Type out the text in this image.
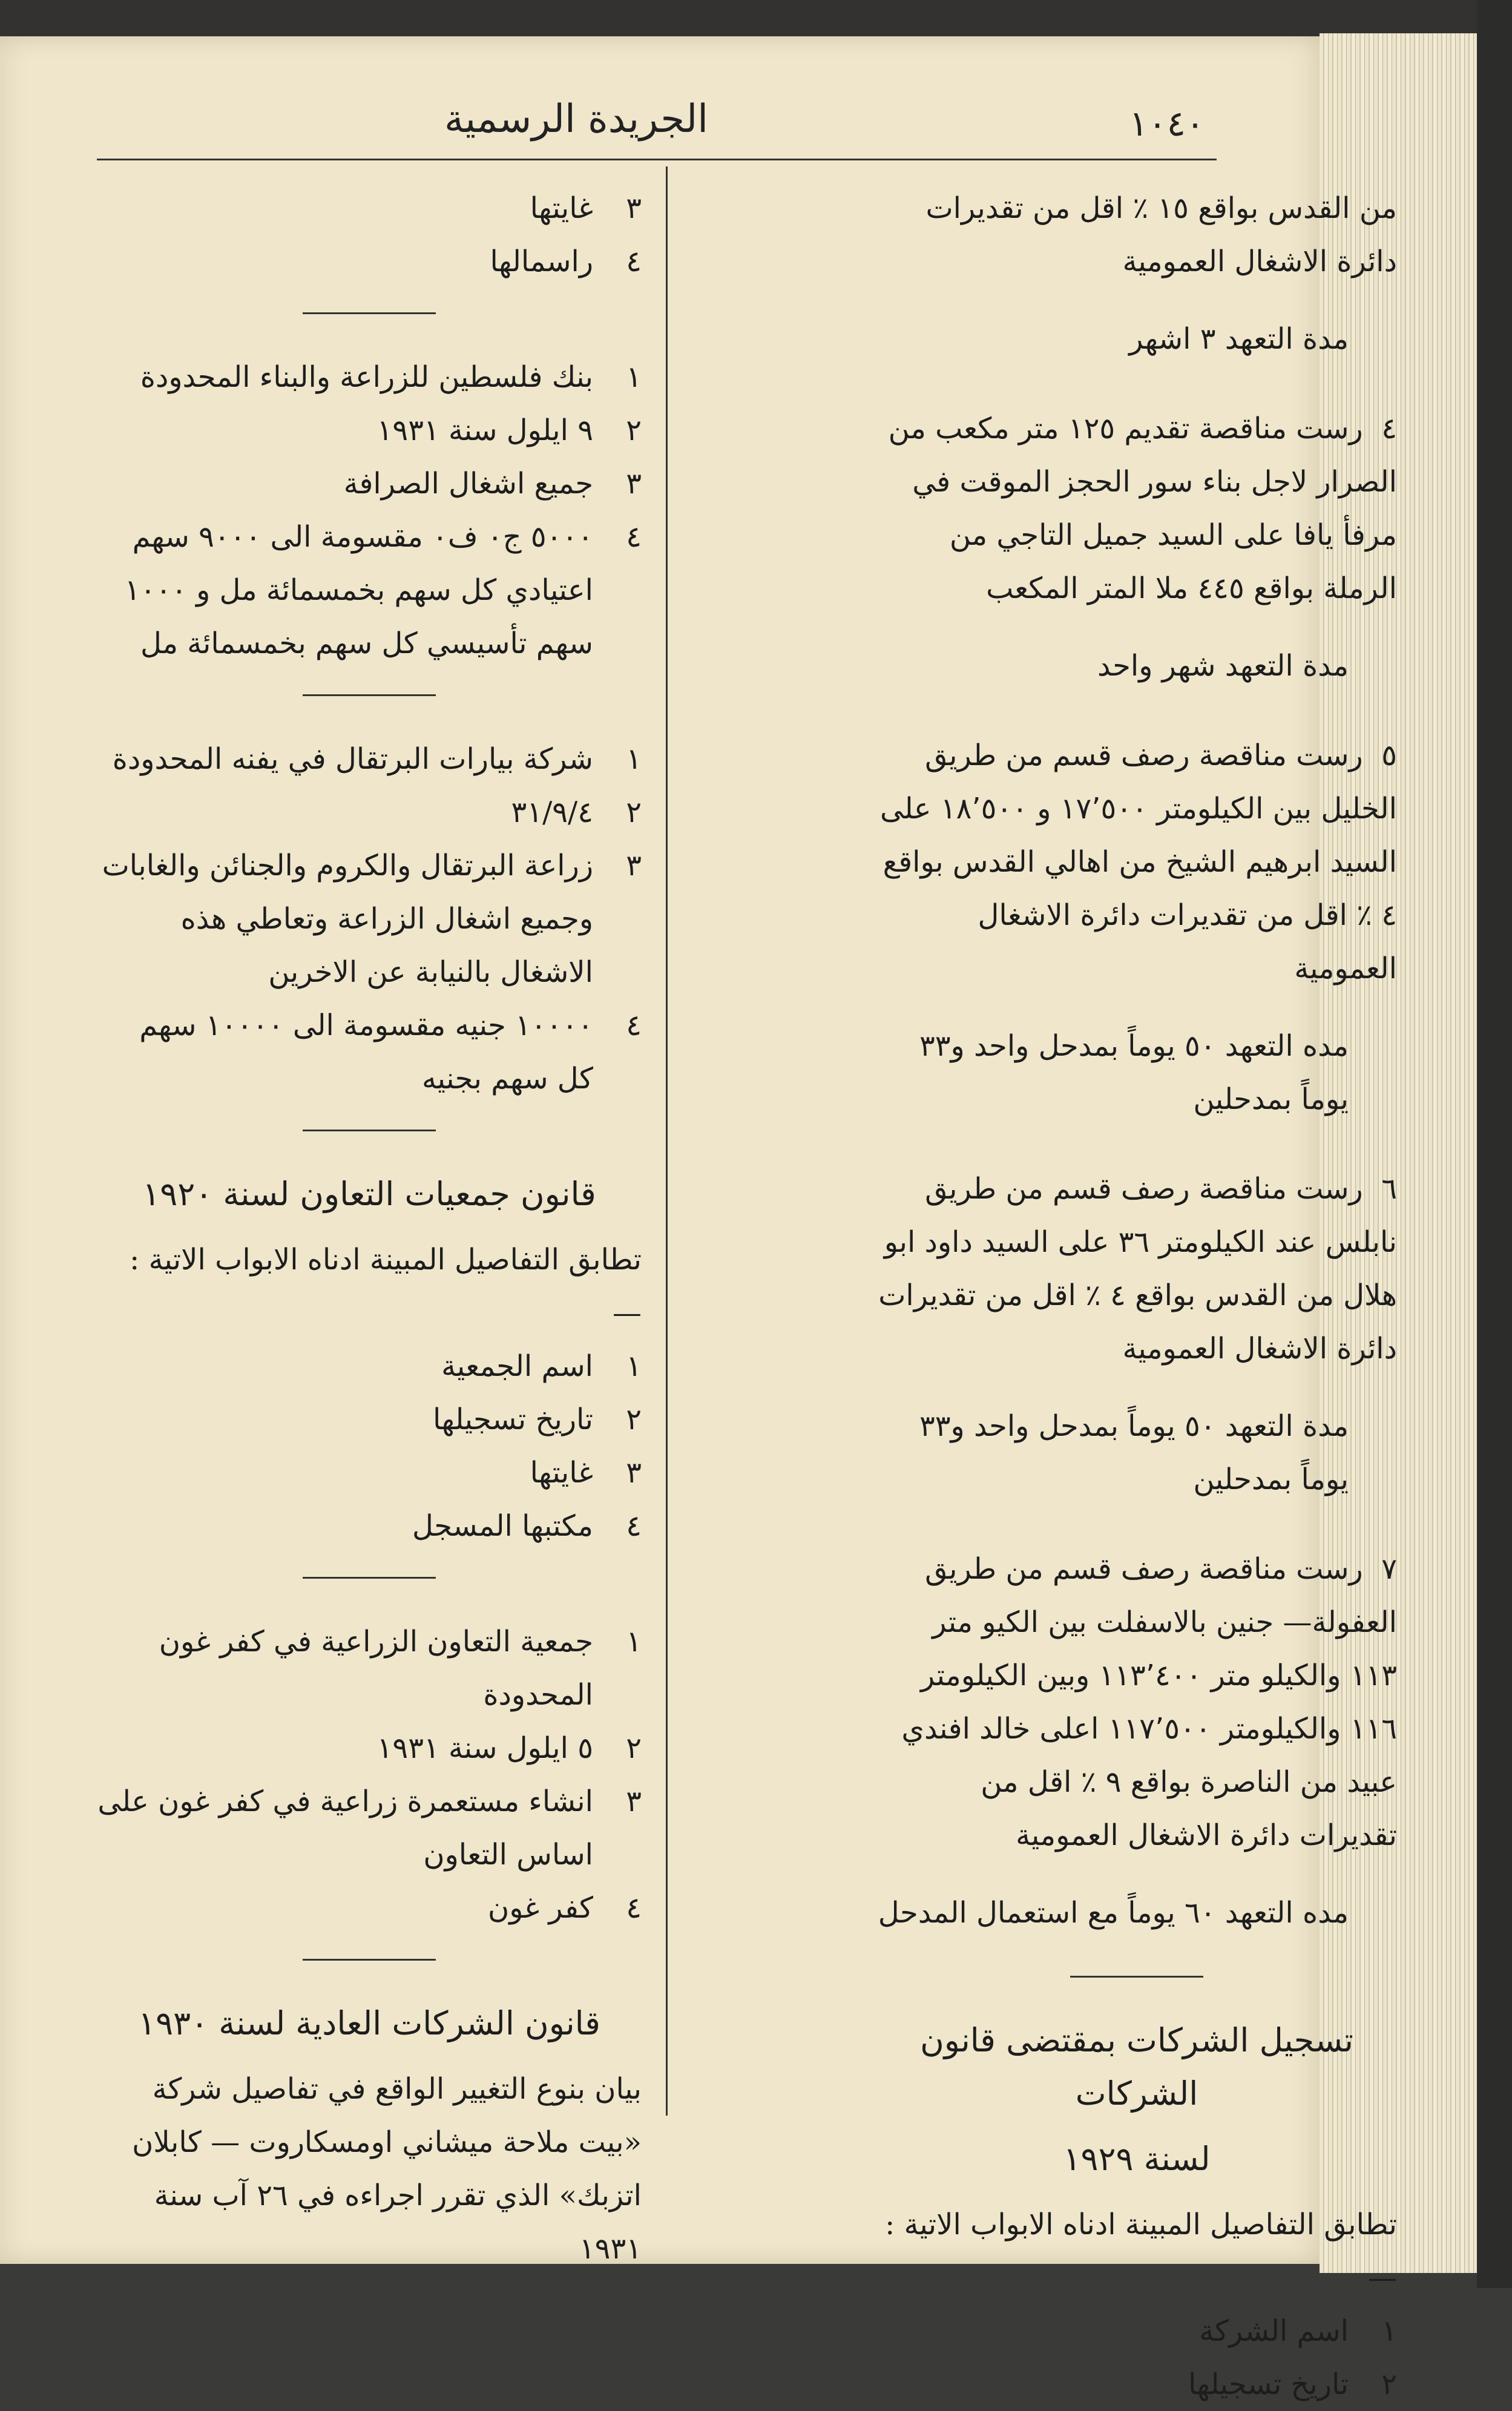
الجريدة الرسمية	١٠٤٠

من القدس بواقع ١٥ ٪ اقل من تقديرات دائرة الاشغال العمومية

مدة التعهد ٣ اشهر

٤  رست مناقصة تقديم ١٢٥ متر مكعب من الصرار لاجل بناء سور الحجز الموقت في مرفأ يافا على السيد جميل التاجي من الرملة بواقع ٤٤٥ ملا المتر المكعب

مدة التعهد شهر واحد

٥  رست مناقصة رصف قسم من طريق الخليل بين الكيلومتر ١٧٬٥٠٠ و ١٨٬٥٠٠ على السيد ابرهيم الشيخ من اهالي القدس بواقع ٤ ٪ اقل من تقديرات دائرة الاشغال العمومية

مده التعهد ٥٠ يوماً بمدحل واحد و٣٣ يوماً بمدحلين

٦  رست مناقصة رصف قسم من طريق نابلس عند الكيلومتر ٣٦ على السيد داود ابو هلال من القدس بواقع ٤ ٪ اقل من تقديرات دائرة الاشغال العمومية

مدة التعهد ٥٠ يوماً بمدحل واحد و٣٣ يوماً بمدحلين

٧  رست مناقصة رصف قسم من طريق العفولة— جنين بالاسفلت بين الكيو متر ١١٣ والكيلو متر ١١٣٬٤٠٠ وبين الكيلومتر ١١٦ والكيلومتر ١١٧٬٥٠٠ اعلى خالد افندي عبيد من الناصرة بواقع ٩ ٪ اقل من تقديرات دائرة الاشغال العمومية

مده التعهد ٦٠ يوماً مع استعمال المدحل

تسجيل الشركات بمقتضى قانون الشركات
لسنة ١٩٢٩

تطابق التفاصيل المبينة ادناه الابواب الاتية : —

١
اسم الشركة
٢
تاريخ تسجيلها
٣
غايتها
٤
راسمالها
١
بنك فلسطين للزراعة والبناء المحدودة
٢
٩ ايلول سنة ١٩٣١
٣
جميع اشغال الصرافة
٤
٥٠٠٠ ج٠ ف٠ مقسومة الى ٩٠٠٠ سهم اعتيادي كل سهم بخمسمائة مل و ١٠٠٠ سهم تأسيسي كل سهم بخمسمائة مل
١
شركة بيارات البرتقال في يفنه المحدودة
٢
٣١/٩/٤
٣
زراعة البرتقال والكروم والجنائن والغابات وجميع اشغال الزراعة وتعاطي هذه الاشغال بالنيابة عن الاخرين
٤
١٠٠٠٠ جنيه مقسومة الى ١٠٠٠٠ سهم كل سهم بجنيه
قانون جمعيات التعاون لسنة ١٩٢٠

تطابق التفاصيل المبينة ادناه الابواب الاتية : —

١
اسم الجمعية
٢
تاريخ تسجيلها
٣
غايتها
٤
مكتبها المسجل
١
جمعية التعاون الزراعية في كفر غون المحدودة
٢
٥ ايلول سنة ١٩٣١
٣
انشاء مستعمرة زراعية في كفر غون على اساس التعاون
٤
كفر غون
قانون الشركات العادية لسنة ١٩٣٠

بيان بنوع التغيير الواقع في تفاصيل شركة «بيت ملاحة ميشاني اومسكاروت — كابلان اتزبك» الذي تقرر اجراءه في ٢٦ آب سنة ١٩٣١
